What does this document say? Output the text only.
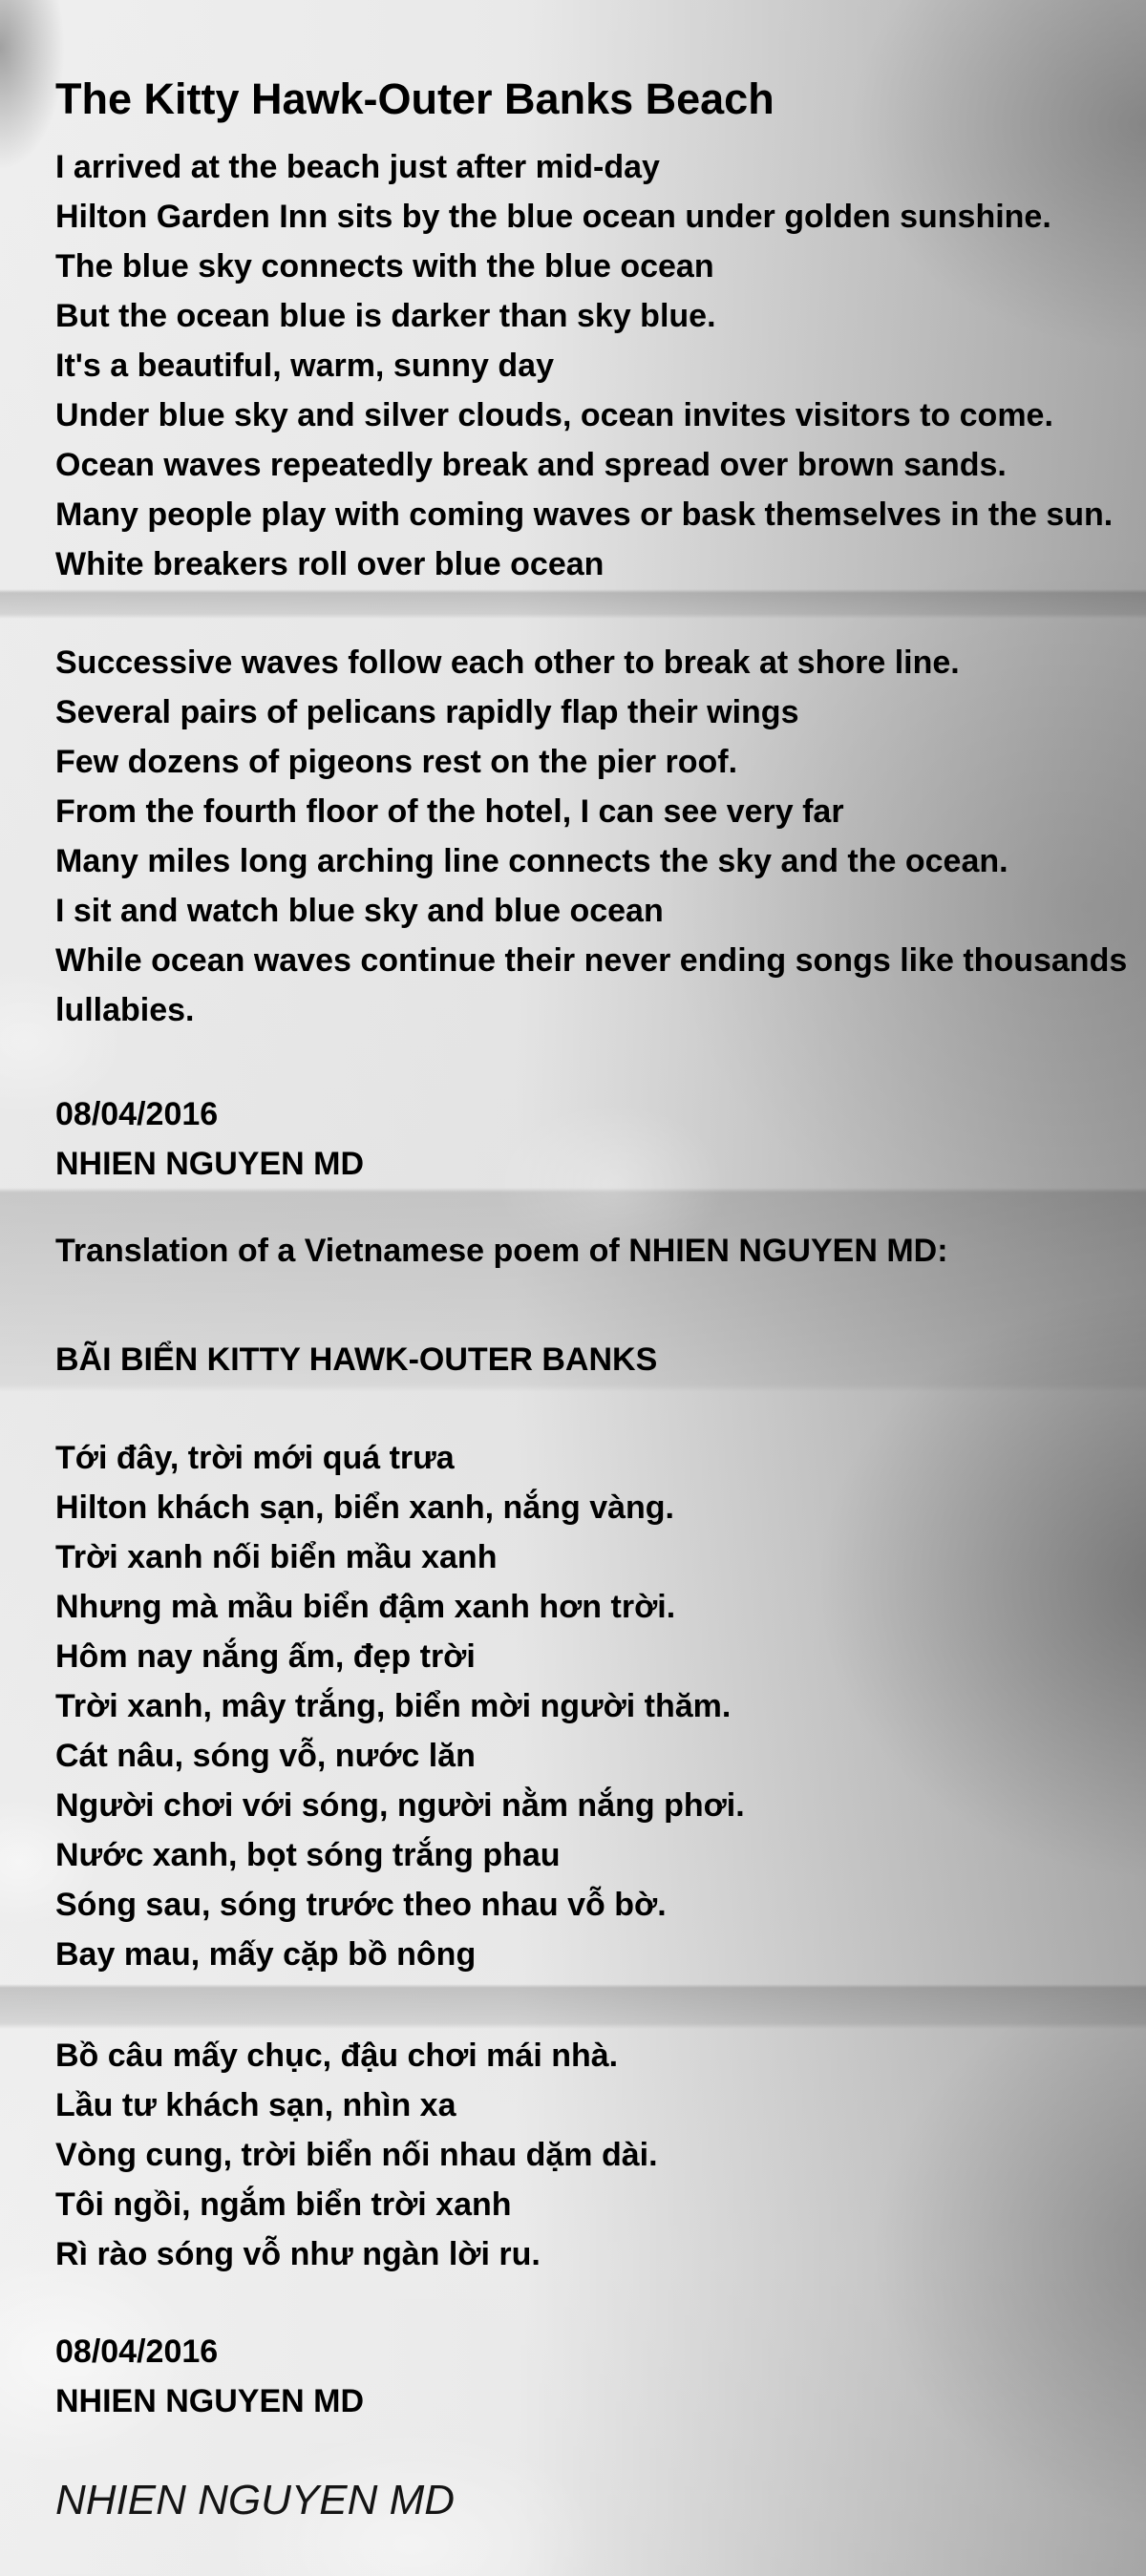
The Kitty Hawk-Outer Banks Beach
I arrived at the beach just after mid-day
Hilton Garden Inn sits by the blue ocean under golden sunshine.
The blue sky connects with the blue ocean
But the ocean blue is darker than sky blue.
It's a beautiful, warm, sunny day
Under blue sky and silver clouds, ocean invites visitors to come.
Ocean waves repeatedly break and spread over brown sands.
Many people play with coming waves or bask themselves in the sun.
White breakers roll over blue ocean
Successive waves follow each other to break at shore line.
Several pairs of pelicans rapidly flap their wings
Few dozens of pigeons rest on the pier roof.
From the fourth floor of the hotel, I can see very far
Many miles long arching line connects the sky and the ocean.
I sit and watch blue sky and blue ocean
While ocean waves continue their never ending songs like thousands
lullabies.
08/04/2016
NHIEN NGUYEN MD
Translation of a Vietnamese poem of NHIEN NGUYEN MD:
BÃI BIỂN KITTY HAWK-OUTER BANKS
Tới đây, trời mới quá trưa
Hilton khách sạn, biển xanh, nắng vàng.
Trời xanh nối biển mầu xanh
Nhưng mà mầu biển đậm xanh hơn trời.
Hôm nay nắng ấm, đẹp trời
Trời xanh, mây trắng, biển mời người thăm.
Cát nâu, sóng vỗ, nước lăn
Người chơi với sóng, người nằm nắng phơi.
Nước xanh, bọt sóng trắng phau
Sóng sau, sóng trước theo nhau vỗ bờ.
Bay mau, mấy cặp bồ nông
Bồ câu mấy chục, đậu chơi mái nhà.
Lầu tư khách sạn, nhìn xa
Vòng cung, trời biển nối nhau dặm dài.
Tôi ngồi, ngắm biển trời xanh
Rì rào sóng vỗ như ngàn lời ru.
08/04/2016
NHIEN NGUYEN MD
NHIEN NGUYEN MD
